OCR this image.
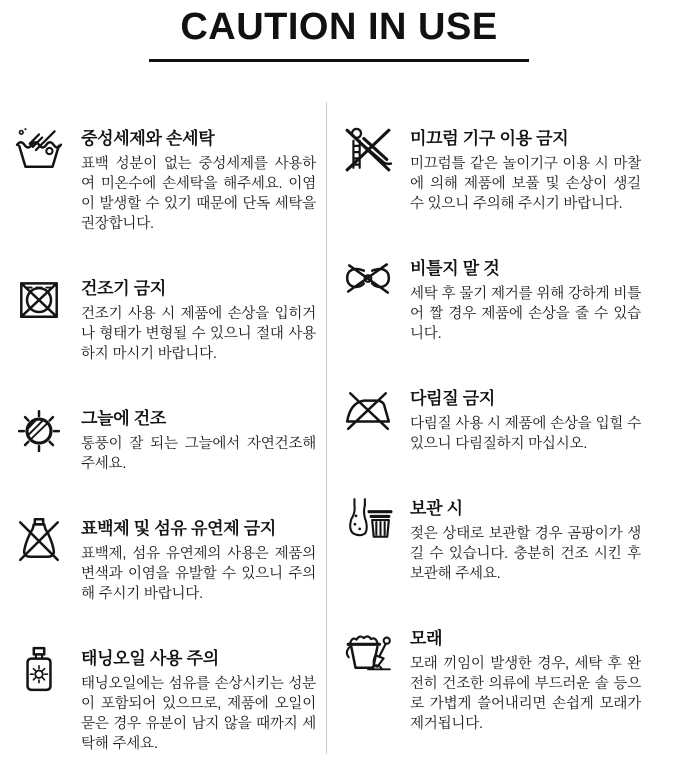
CAUTION IN USE
중성세제와 손세탁

표백 성분이 없는 중성세제를 사용하여 미온수에 손세탁을 해주세요. 이염이 발생할 수 있기 때문에 단독 세탁을 권장합니다.

건조기 금지

건조기 사용 시 제품에 손상을 입히거나 형태가 변형될 수 있으니 절대 사용하지 마시기 바랍니다.

그늘에 건조

통풍이 잘 되는 그늘에서 자연건조해 주세요.

표백제 및 섬유 유연제 금지

표백제, 섬유 유연제의 사용은 제품의 변색과 이염을 유발할 수 있으니 주의해 주시기 바랍니다.

태닝오일 사용 주의

태닝오일에는 섬유를 손상시키는 성분이 포함되어 있으므로, 제품에 오일이 묻은 경우 유분이 남지 않을 때까지 세탁해 주세요.

미끄럼 기구 이용 금지

미끄럼틀 같은 놀이기구 이용 시 마찰에 의해 제품에 보풀 및 손상이 생길 수 있으니 주의해 주시기 바랍니다.

비틀지 말 것

세탁 후 물기 제거를 위해 강하게 비틀어 짤 경우 제품에 손상을 줄 수 있습니다.

다림질 금지

다림질 사용 시 제품에 손상을 입힐 수 있으니 다림질하지 마십시오.

보관 시

젖은 상태로 보관할 경우 곰팡이가 생길 수 있습니다. 충분히 건조 시킨 후 보관해 주세요.

모래

모래 끼임이 발생한 경우, 세탁 후 완전히 건조한 의류에 부드러운 솔 등으로 가볍게 쓸어내리면 손쉽게 모래가 제거됩니다.
